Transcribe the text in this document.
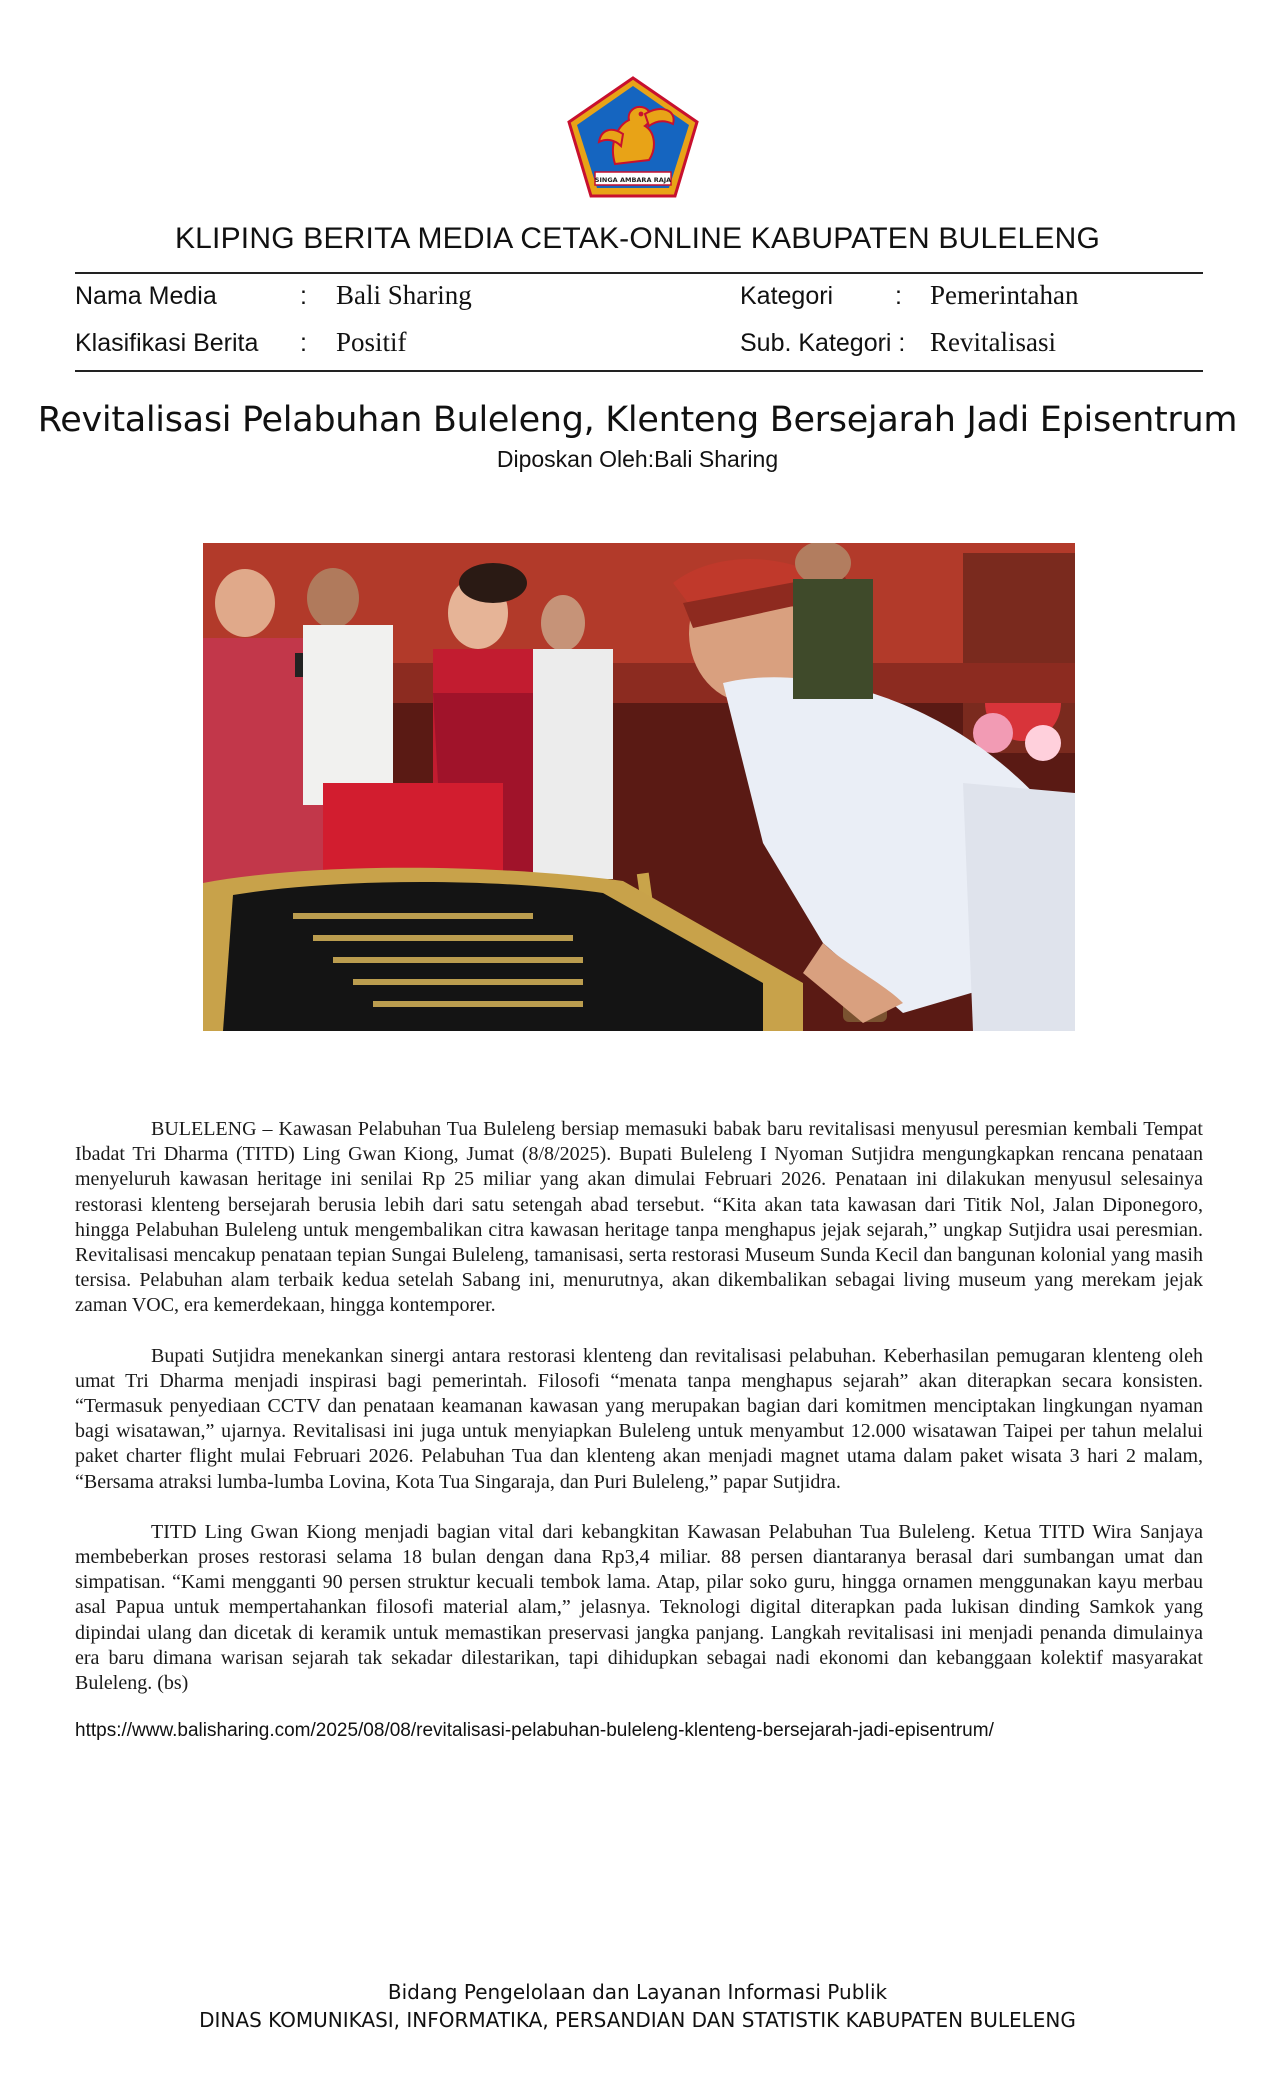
SINGA AMBARA RAJA
KLIPING BERITA MEDIA CETAK-ONLINE KABUPATEN BULELENG
Nama Media	: Bali Sharing	Kategori : Pemerintahan
Klasifikasi Berita : Positif	Sub. Kategori : Revitalisasi
Revitalisasi Pelabuhan Buleleng, Klenteng Bersejarah Jadi Episentrum
Diposkan Oleh:Bali Sharing

BULELENG – Kawasan Pelabuhan Tua Buleleng bersiap memasuki babak baru revitalisasi menyusul peresmian kembali Tempat Ibadat Tri Dharma (TITD) Ling Gwan Kiong, Jumat (8/8/2025). Bupati Buleleng I Nyoman Sutjidra mengungkapkan rencana penataan menyeluruh kawasan heritage ini senilai Rp 25 miliar yang akan dimulai Februari 2026. Penataan ini dilakukan menyusul selesainya restorasi klenteng bersejarah berusia lebih dari satu setengah abad tersebut. “Kita akan tata kawasan dari Titik Nol, Jalan Diponegoro, hingga Pelabuhan Buleleng untuk mengembalikan citra kawasan heritage tanpa menghapus jejak sejarah,” ungkap Sutjidra usai peresmian. Revitalisasi mencakup penataan tepian Sungai Buleleng, tamanisasi, serta restorasi Museum Sunda Kecil dan bangunan kolonial yang masih tersisa. Pelabuhan alam terbaik kedua setelah Sabang ini, menurutnya, akan dikembalikan sebagai living museum yang merekam jejak zaman VOC, era kemerdekaan, hingga kontemporer.

Bupati Sutjidra menekankan sinergi antara restorasi klenteng dan revitalisasi pelabuhan. Keberhasilan pemugaran klenteng oleh umat Tri Dharma menjadi inspirasi bagi pemerintah. Filosofi “menata tanpa menghapus sejarah” akan diterapkan secara konsisten. “Termasuk penyediaan CCTV dan penataan keamanan kawasan yang merupakan bagian dari komitmen menciptakan lingkungan nyaman bagi wisatawan,” ujarnya. Revitalisasi ini juga untuk menyiapkan Buleleng untuk menyambut 12.000 wisatawan Taipei per tahun melalui paket charter flight mulai Februari 2026. Pelabuhan Tua dan klenteng akan menjadi magnet utama dalam paket wisata 3 hari 2 malam, “Bersama atraksi lumba-lumba Lovina, Kota Tua Singaraja, dan Puri Buleleng,” papar Sutjidra.

TITD Ling Gwan Kiong menjadi bagian vital dari kebangkitan Kawasan Pelabuhan Tua Buleleng. Ketua TITD Wira Sanjaya membeberkan proses restorasi selama 18 bulan dengan dana Rp3,4 miliar. 88 persen diantaranya berasal dari sumbangan umat dan simpatisan. “Kami mengganti 90 persen struktur kecuali tembok lama. Atap, pilar soko guru, hingga ornamen menggunakan kayu merbau asal Papua untuk mempertahankan filosofi material alam,” jelasnya. Teknologi digital diterapkan pada lukisan dinding Samkok yang dipindai ulang dan dicetak di keramik untuk memastikan preservasi jangka panjang. Langkah revitalisasi ini menjadi penanda dimulainya era baru dimana warisan sejarah tak sekadar dilestarikan, tapi dihidupkan sebagai nadi ekonomi dan kebanggaan kolektif masyarakat Buleleng. (bs)

https://www.balisharing.com/2025/08/08/revitalisasi-pelabuhan-buleleng-klenteng-bersejarah-jadi-episentrum/
Bidang Pengelolaan dan Layanan Informasi Publik
DINAS KOMUNIKASI, INFORMATIKA, PERSANDIAN DAN STATISTIK KABUPATEN BULELENG
